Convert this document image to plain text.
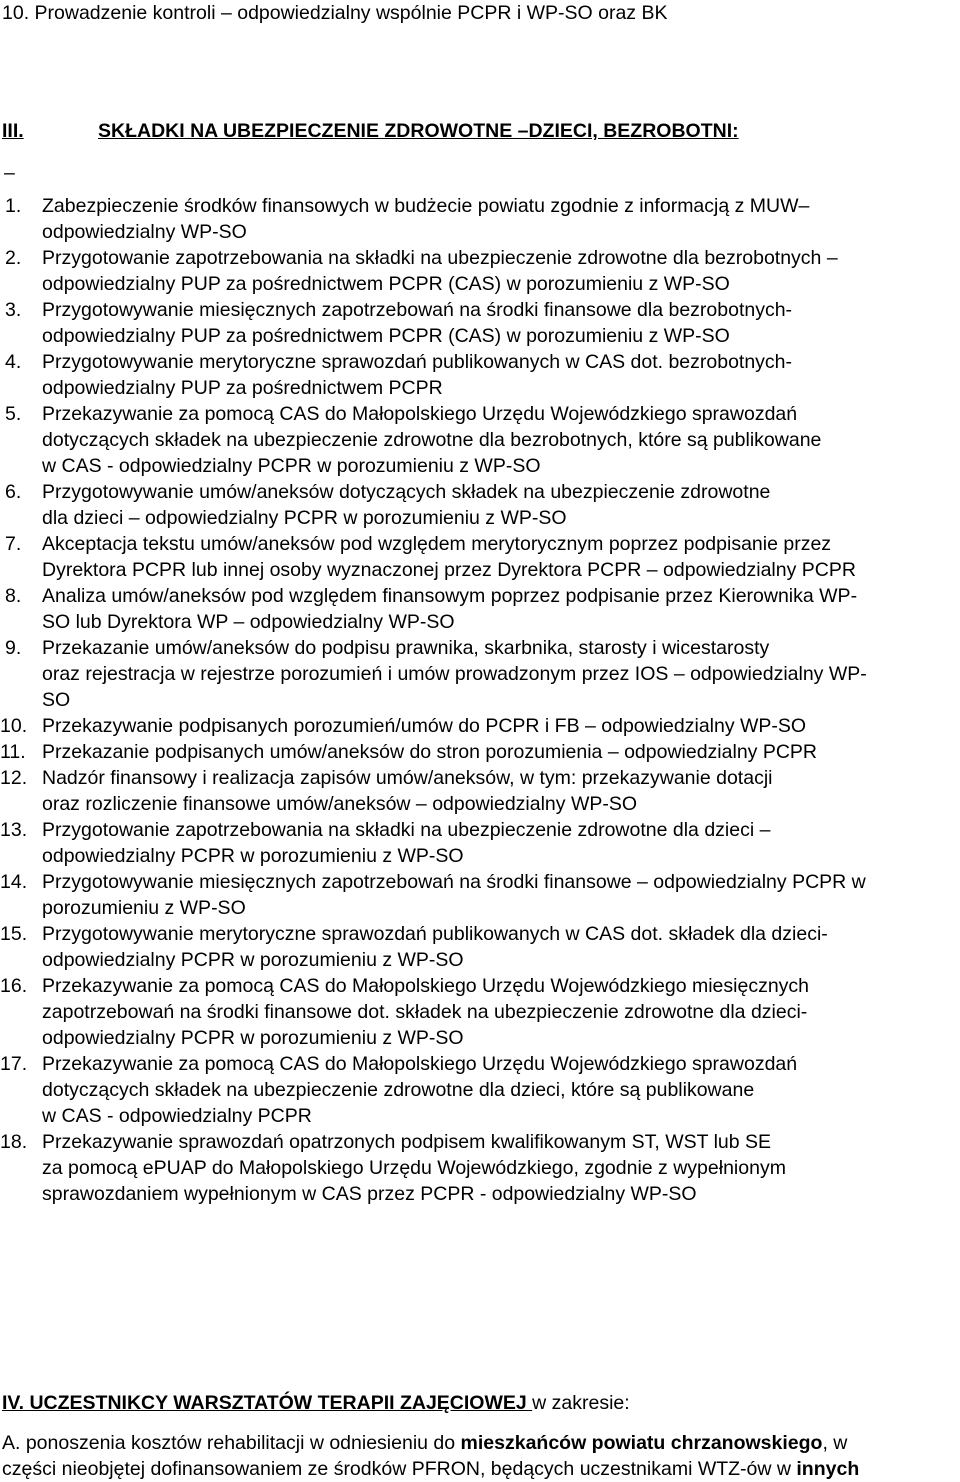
10. Prowadzenie kontroli – odpowiedzialny wspólnie PCPR i WP-SO oraz BK
III.	SKŁADKI NA UBEZPIECZENIE ZDROWOTNE –DZIECI, BEZROBOTNI:
–
1. Zabezpieczenie środków finansowych w budżecie powiatu zgodnie z informacją z MUW–
odpowiedzialny WP-SO
2. Przygotowanie zapotrzebowania na składki na ubezpieczenie zdrowotne dla bezrobotnych –
odpowiedzialny PUP za pośrednictwem PCPR (CAS) w porozumieniu z WP-SO
3. Przygotowywanie miesięcznych zapotrzebowań na środki finansowe dla bezrobotnych-
odpowiedzialny PUP za pośrednictwem PCPR (CAS) w porozumieniu z WP-SO
4. Przygotowywanie merytoryczne sprawozdań publikowanych w CAS dot. bezrobotnych-
odpowiedzialny PUP za pośrednictwem PCPR
5. Przekazywanie za pomocą CAS do Małopolskiego Urzędu Wojewódzkiego sprawozdań
dotyczących składek na ubezpieczenie zdrowotne dla bezrobotnych, które są publikowane
w CAS - odpowiedzialny PCPR w porozumieniu z WP-SO
6. Przygotowywanie umów/aneksów dotyczących składek na ubezpieczenie zdrowotne
dla dzieci – odpowiedzialny PCPR w porozumieniu z WP-SO
7. Akceptacja tekstu umów/aneksów pod względem merytorycznym poprzez podpisanie przez
Dyrektora PCPR lub innej osoby wyznaczonej przez Dyrektora PCPR – odpowiedzialny PCPR
8. Analiza umów/aneksów pod względem finansowym poprzez podpisanie przez Kierownika WP-
SO lub Dyrektora WP – odpowiedzialny WP-SO
9. Przekazanie umów/aneksów do podpisu prawnika, skarbnika, starosty i wicestarosty
oraz rejestracja w rejestrze porozumień i umów prowadzonym przez IOS – odpowiedzialny WP-
SO
10. Przekazywanie podpisanych porozumień/umów do PCPR i FB – odpowiedzialny WP-SO
11. Przekazanie podpisanych umów/aneksów do stron porozumienia – odpowiedzialny PCPR
12. Nadzór finansowy i realizacja zapisów umów/aneksów, w tym: przekazywanie dotacji
oraz rozliczenie finansowe umów/aneksów – odpowiedzialny WP-SO
13. Przygotowanie zapotrzebowania na składki na ubezpieczenie zdrowotne dla dzieci –
odpowiedzialny PCPR w porozumieniu z WP-SO
14. Przygotowywanie miesięcznych zapotrzebowań na środki finansowe – odpowiedzialny PCPR w
porozumieniu z WP-SO
15. Przygotowywanie merytoryczne sprawozdań publikowanych w CAS dot. składek dla dzieci-
odpowiedzialny PCPR w porozumieniu z WP-SO
16. Przekazywanie za pomocą CAS do Małopolskiego Urzędu Wojewódzkiego miesięcznych
zapotrzebowań na środki finansowe dot. składek na ubezpieczenie zdrowotne dla dzieci-
odpowiedzialny PCPR w porozumieniu z WP-SO
17. Przekazywanie za pomocą CAS do Małopolskiego Urzędu Wojewódzkiego sprawozdań
dotyczących składek na ubezpieczenie zdrowotne dla dzieci, które są publikowane
w CAS - odpowiedzialny PCPR
18. Przekazywanie sprawozdań opatrzonych podpisem kwalifikowanym ST, WST lub SE
za pomocą ePUAP do Małopolskiego Urzędu Wojewódzkiego, zgodnie z wypełnionym
sprawozdaniem wypełnionym w CAS przez PCPR - odpowiedzialny WP-SO
IV. UCZESTNIKCY WARSZTATÓW TERAPII ZAJĘCIOWEJ w zakresie:
A. ponoszenia kosztów rehabilitacji w odniesieniu do mieszkańców powiatu chrzanowskiego, w
części nieobjętej dofinansowaniem ze środków PFRON, będących uczestnikami WTZ-ów w innych
